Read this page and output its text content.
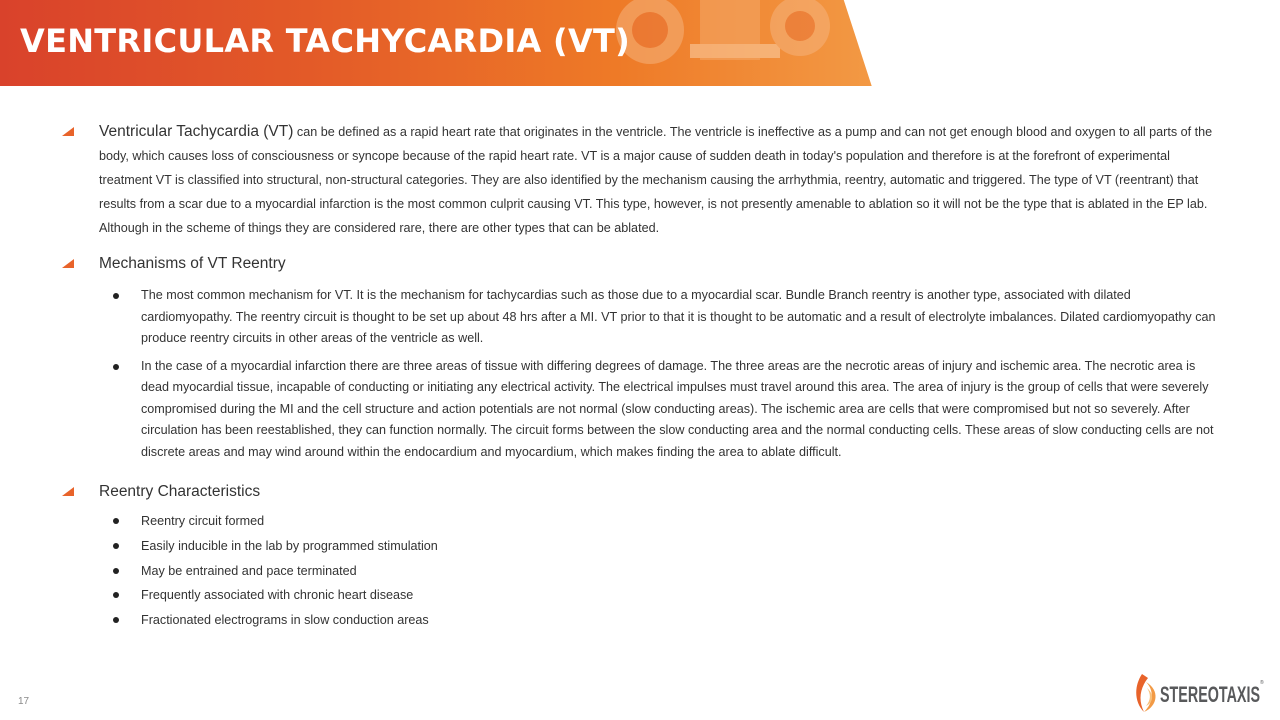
VENTRICULAR TACHYCARDIA (VT)
Ventricular Tachycardia (VT) can be defined as a rapid heart rate that originates in the ventricle. The ventricle is ineffective as a pump and can not get enough blood and oxygen to all parts of the body, which causes loss of consciousness or syncope because of the rapid heart rate. VT is a major cause of sudden death in today's population and therefore is at the forefront of experimental treatment VT is classified into structural, non-structural categories. They are also identified by the mechanism causing the arrhythmia, reentry, automatic and triggered. The type of VT (reentrant) that results from a scar due to a myocardial infarction is the most common culprit causing VT. This type, however, is not presently amenable to ablation so it will not be the type that is ablated in the EP lab. Although in the scheme of things they are considered rare, there are other types that can be ablated.
Mechanisms of VT Reentry
The most common mechanism for VT. It is the mechanism for tachycardias such as those due to a myocardial scar. Bundle Branch reentry is another type, associated with dilated cardiomyopathy. The reentry circuit is thought to be set up about 48 hrs after a MI. VT prior to that it is thought to be automatic and a result of electrolyte imbalances. Dilated cardiomyopathy can produce reentry circuits in other areas of the ventricle as well.
In the case of a myocardial infarction there are three areas of tissue with differing degrees of damage. The three areas are the necrotic areas of injury and ischemic area. The necrotic area is dead myocardial tissue, incapable of conducting or initiating any electrical activity. The electrical impulses must travel around this area. The area of injury is the group of cells that were severely compromised during the MI and the cell structure and action potentials are not normal (slow conducting areas). The ischemic area are cells that were compromised but not so severely. After circulation has been reestablished, they can function normally. The circuit forms between the slow conducting area and the normal conducting cells. These areas of slow conducting cells are not discrete areas and may wind around within the endocardium and myocardium, which makes finding the area to ablate difficult.
Reentry Characteristics
Reentry circuit formed
Easily inducible in the lab by programmed stimulation
May be entrained and pace terminated
Frequently associated with chronic heart disease
Fractionated electrograms in slow conduction areas
17	STEREOTAXIS ®
